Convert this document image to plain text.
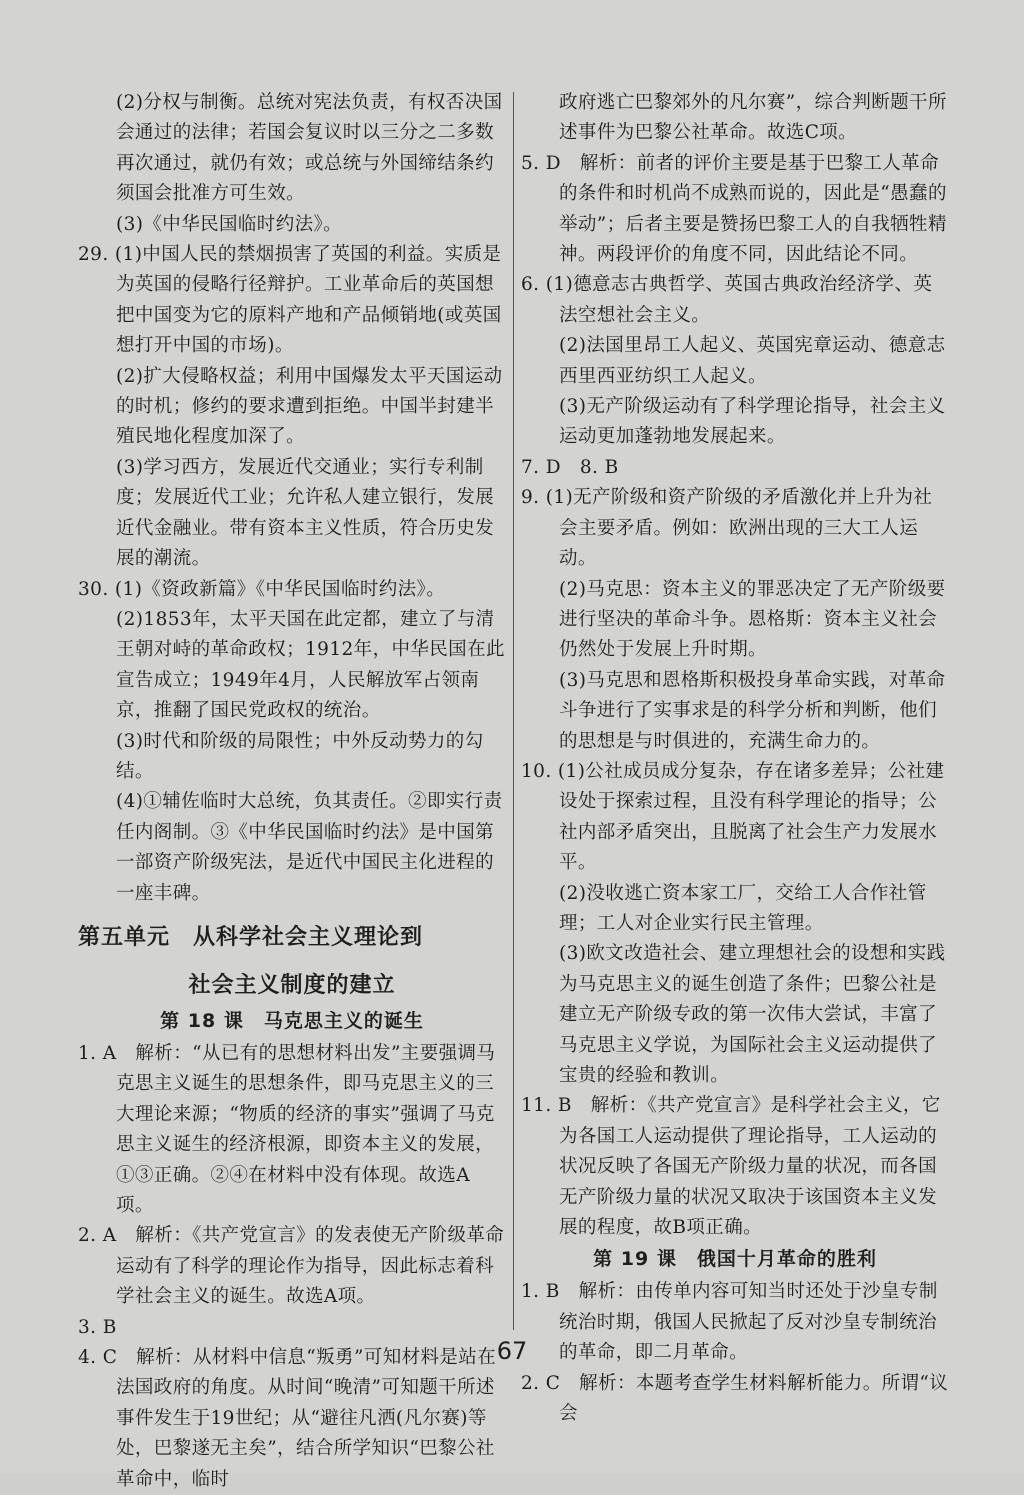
(2)分权与制衡。总统对宪法负责，有权否决国会通过的法律；若国会复议时以三分之二多数再次通过，就仍有效；或总统与外国缔结条约须国会批准方可生效。

(3)《中华民国临时约法》。

29. (1)中国人民的禁烟损害了英国的利益。实质是为英国的侵略行径辩护。工业革命后的英国想把中国变为它的原料产地和产品倾销地(或英国想打开中国的市场)。

(2)扩大侵略权益；利用中国爆发太平天国运动的时机；修约的要求遭到拒绝。中国半封建半殖民地化程度加深了。

(3)学习西方，发展近代交通业；实行专利制度；发展近代工业；允许私人建立银行，发展近代金融业。带有资本主义性质，符合历史发展的潮流。

30. (1)《资政新篇》《中华民国临时约法》。

(2)1853年，太平天国在此定都，建立了与清王朝对峙的革命政权；1912年，中华民国在此宣告成立；1949年4月，人民解放军占领南京，推翻了国民党政权的统治。

(3)时代和阶级的局限性；中外反动势力的勾结。

(4)①辅佐临时大总统，负其责任。②即实行责任内阁制。③《中华民国临时约法》是中国第一部资产阶级宪法，是近代中国民主化进程的一座丰碑。

第五单元　从科学社会主义理论到

社会主义制度的建立

第 18 课　马克思主义的诞生

1. A　解析：“从已有的思想材料出发”主要强调马克思主义诞生的思想条件，即马克思主义的三大理论来源；“物质的经济的事实”强调了马克思主义诞生的经济根源，即资本主义的发展，①③正确。②④在材料中没有体现。故选A项。

2. A　解析：《共产党宣言》的发表使无产阶级革命运动有了科学的理论作为指导，因此标志着科学社会主义的诞生。故选A项。

3. B

4. C　解析：从材料中信息“叛勇”可知材料是站在法国政府的角度。从时间“晚清”可知题干所述事件发生于19世纪；从“避往凡洒(凡尔赛)等处，巴黎遂无主矣”，结合所学知识“巴黎公社革命中，临时

政府逃亡巴黎郊外的凡尔赛”，综合判断题干所述事件为巴黎公社革命。故选C项。

5. D　解析：前者的评价主要是基于巴黎工人革命的条件和时机尚不成熟而说的，因此是“愚蠢的举动”；后者主要是赞扬巴黎工人的自我牺牲精神。两段评价的角度不同，因此结论不同。

6. (1)德意志古典哲学、英国古典政治经济学、英法空想社会主义。

(2)法国里昂工人起义、英国宪章运动、德意志西里西亚纺织工人起义。

(3)无产阶级运动有了科学理论指导，社会主义运动更加蓬勃地发展起来。

7. D　8. B

9. (1)无产阶级和资产阶级的矛盾激化并上升为社会主要矛盾。例如：欧洲出现的三大工人运动。

(2)马克思：资本主义的罪恶决定了无产阶级要进行坚决的革命斗争。恩格斯：资本主义社会仍然处于发展上升时期。

(3)马克思和恩格斯积极投身革命实践，对革命斗争进行了实事求是的科学分析和判断，他们的思想是与时俱进的，充满生命力的。

10. (1)公社成员成分复杂，存在诸多差异；公社建设处于探索过程，且没有科学理论的指导；公社内部矛盾突出，且脱离了社会生产力发展水平。

(2)没收逃亡资本家工厂，交给工人合作社管理；工人对企业实行民主管理。

(3)欧文改造社会、建立理想社会的设想和实践为马克思主义的诞生创造了条件；巴黎公社是建立无产阶级专政的第一次伟大尝试，丰富了马克思主义学说，为国际社会主义运动提供了宝贵的经验和教训。

11. B　解析：《共产党宣言》是科学社会主义，它为各国工人运动提供了理论指导，工人运动的状况反映了各国无产阶级力量的状况，而各国无产阶级力量的状况又取决于该国资本主义发展的程度，故B项正确。

第 19 课　俄国十月革命的胜利

1. B　解析：由传单内容可知当时还处于沙皇专制统治时期，俄国人民掀起了反对沙皇专制统治的革命，即二月革命。

2. C　解析：本题考查学生材料解析能力。所谓“议会

67
